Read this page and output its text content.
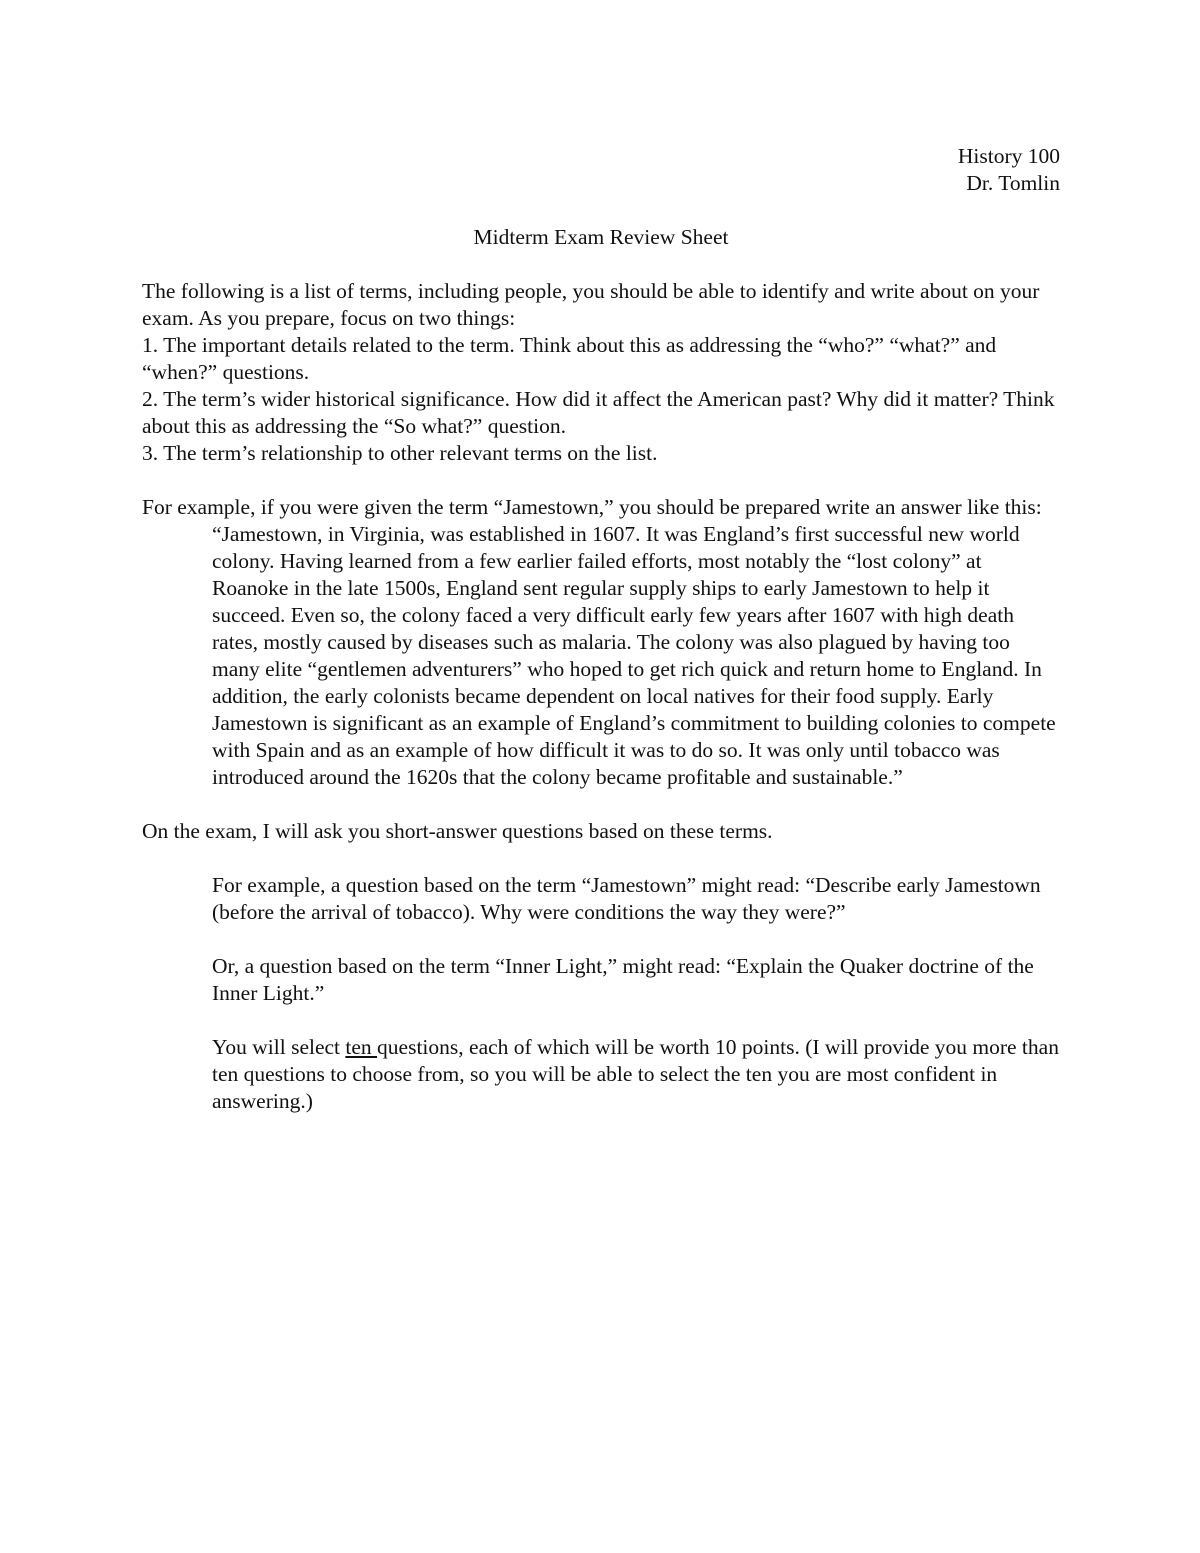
History 100
Dr. Tomlin
Midterm Exam Review Sheet

The following is a list of terms, including people, you should be able to identify and write about on your exam. As you prepare, focus on two things:

1. The important details related to the term. Think about this as addressing the “who?” “what?” and “when?” questions.

2. The term’s wider historical significance. How did it affect the American past? Why did it matter? Think about this as addressing the “So what?” question.

3. The term’s relationship to other relevant terms on the list.

For example, if you were given the term “Jamestown,” you should be prepared write an answer like this:

“Jamestown, in Virginia, was established in 1607. It was England’s first successful new world colony. Having learned from a few earlier failed efforts, most notably the “lost colony” at Roanoke in the late 1500s, England sent regular supply ships to early Jamestown to help it succeed. Even so, the colony faced a very difficult early few years after 1607 with high death rates, mostly caused by diseases such as malaria. The colony was also plagued by having too many elite “gentlemen adventurers” who hoped to get rich quick and return home to England. In addition, the early colonists became dependent on local natives for their food supply. Early Jamestown is significant as an example of England’s commitment to building colonies to compete with Spain and as an example of how difficult it was to do so. It was only until tobacco was introduced around the 1620s that the colony became profitable and sustainable.”

On the exam, I will ask you short-answer questions based on these terms.

For example, a question based on the term “Jamestown” might read: “Describe early Jamestown (before the arrival of tobacco). Why were conditions the way they were?”

Or, a question based on the term “Inner Light,” might read: “Explain the Quaker doctrine of the Inner Light.”

You will select ten questions, each of which will be worth 10 points. (I will provide you more than ten questions to choose from, so you will be able to select the ten you are most confident in answering.)
